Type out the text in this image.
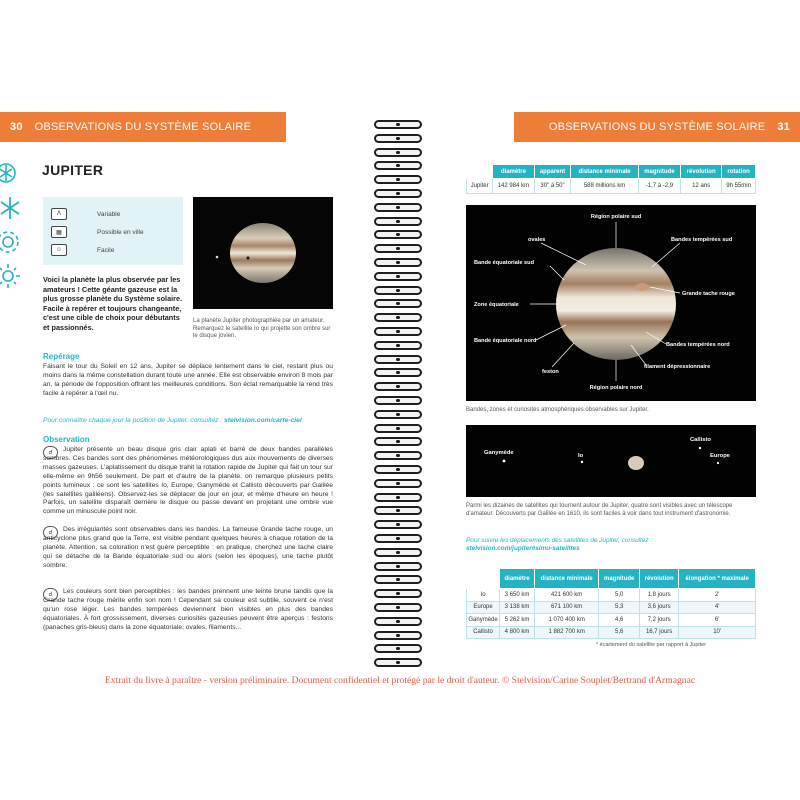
30 OBSERVATIONS DU SYSTÈME SOLAIRE	OBSERVATIONS DU SYSTÈME SOLAIRE 31
JUPITER
Λ	Variable
▦	Possible en ville
☺	Facile
La planète Jupiter photographiée par un amateur. Remarquez le satellite Io qui projette son ombre sur le disque jovien.
Voici la planète la plus observée par les amateurs ! Cette géante gazeuse est la plus grosse planète du Système solaire. Facile à repérer et toujours changeante, c'est une cible de choix pour débutants et passionnés.
Repérage
Faisant le tour du Soleil en 12 ans, Jupiter se déplace lentement dans le ciel, restant plus ou moins dans la même constellation durant toute une année. Elle est observable environ 8 mois par an, la période de l'opposition offrant les meilleures conditions. Son éclat remarquable la rend très facile à repérer à l'œil nu.
Pour connaître chaque jour la position de Jupiter, consultez : stelvision.com/carte-ciel
Observation
☌	Jupiter présente un beau disque gris clair aplati et barré de deux bandes parallèles sombres. Ces bandes sont des phénomènes météorologiques dus aux mouvements de diverses masses gazeuses. L'aplatissement du disque trahit la rotation rapide de Jupiter qui fait un tour sur elle-même en 9h56 seulement. De part et d'autre de la planète, on remarque plusieurs petits points lumineux : ce sont les satellites Io, Europe, Ganymède et Callisto découverts par Galilée (les satellites galiléens). Observez-les se déplacer de jour en jour, et même d'heure en heure ! Parfois, un satellite disparaît derrière le disque ou passe devant en projetant une ombre vue comme un minuscule point noir.
☌	Des irrégularités sont observables dans les bandes. La fameuse Grande tache rouge, un anticyclone plus grand que la Terre, est visible pendant quelques heures à chaque rotation de la planète. Attention, sa coloration n'est guère perceptible : en pratique, cherchez une tache claire qui se détache de la Bande équatoriale sud ou alors (selon les époques), une tache plutôt sombre.
☌	Les couleurs sont bien perceptibles : les bandes prennent une teinte brune tandis que la Grande tache rouge mérite enfin son nom ! Cependant sa couleur est subtile, souvent ce n'est qu'un rose léger. Les bandes tempérées deviennent bien visibles en plus des bandes équatoriales. À fort grossissement, diverses curiosités gazeuses peuvent être aperçus : festons (panaches gris-bleus) dans la zone équatoriale, ovales, filaments...
	diamètre	apparent	distance minimale	magnitude	révolution	rotation
Jupiter	142 984 km	30" à 50"	588 millions km	-1,7 à -2,9	12 ans	9h 55min
Région polaire sud
ovales	Bandes tempérées sud
Bande équatoriale sud
Grande tache rouge
Zone équatoriale
Bande équatoriale nord
Bandes tempérées nord
filament dépressionnaire
feston
Région polaire nord
Bandes, zones et curiosités atmosphériques observables sur Jupiter.
Ganymède	Io
Callisto
Europe
Parmi les dizaines de satellites qui tournent autour de Jupiter, quatre sont visibles avec un télescope d'amateur. Découverts par Galilée en 1610, ils sont faciles à voir dans tout instrument d'astronomie.
Pour suivre les déplacements des satellites de Jupiter, consultez :
stelvision.com/jupiter#simu-satellites
	diamètre	distance minimale	magnitude	révolution	élongation * maximale
Io	3 650 km	421 600 km	5,0	1,8 jours	2'
Europe	3 138 km	671 100 km	5,3	3,6 jours	4'
Ganymède	5 262 km	1 070 400 km	4,6	7,2 jours	6'
Callisto	4 800 km	1 882 700 km	5,6	16,7 jours	10'
* écartement du satellite par rapport à Jupiter
Extrait du livre à paraître - version préliminaire. Document confidentiel et protégé par le droit d'auteur. © Stelvision/Carine Souplet/Bertrand d'Armagnac
